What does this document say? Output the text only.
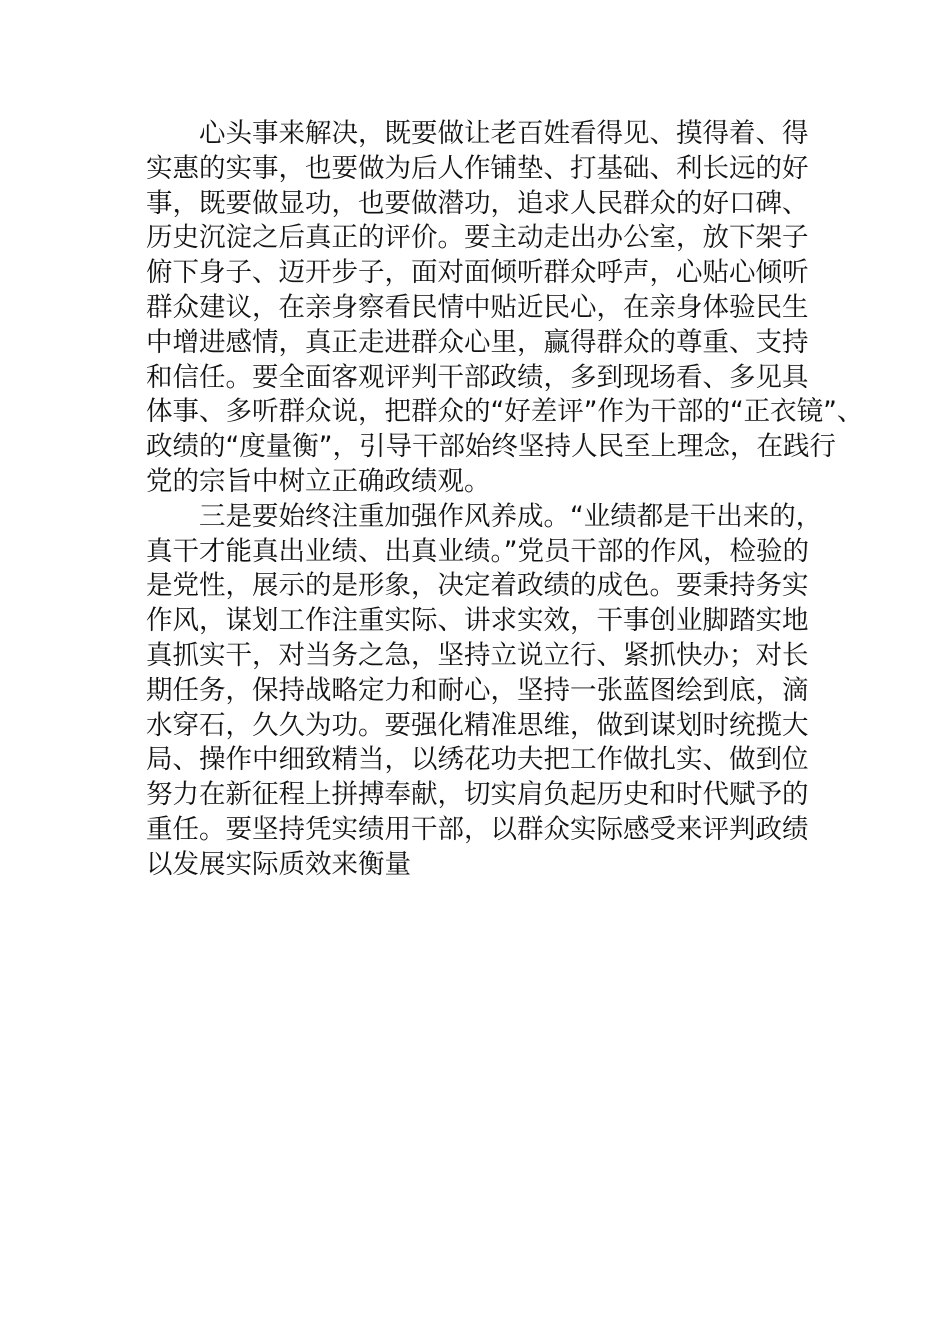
心头事来解决，既要做让老百姓看得见、摸得着、得
实惠的实事，也要做为后人作铺垫、打基础、利长远的好
事，既要做显功，也要做潜功，追求人民群众的好口碑、
历史沉淀之后真正的评价。要主动走出办公室，放下架子
俯下身子、迈开步子，面对面倾听群众呼声，心贴心倾听
群众建议，在亲身察看民情中贴近民心，在亲身体验民生
中增进感情，真正走进群众心里，赢得群众的尊重、支持
和信任。要全面客观评判干部政绩，多到现场看、多见具
体事、多听群众说，把群众的“好差评”作为干部的“正衣镜”、
政绩的“度量衡”，引导干部始终坚持人民至上理念，在践行
党的宗旨中树立正确政绩观。
三是要始终注重加强作风养成。“业绩都是干出来的，
真干才能真出业绩、出真业绩。”党员干部的作风，检验的
是党性，展示的是形象，决定着政绩的成色。要秉持务实
作风，谋划工作注重实际、讲求实效，干事创业脚踏实地
真抓实干，对当务之急，坚持立说立行、紧抓快办；对长
期任务，保持战略定力和耐心，坚持一张蓝图绘到底，滴
水穿石，久久为功。要强化精准思维，做到谋划时统揽大
局、操作中细致精当，以绣花功夫把工作做扎实、做到位
努力在新征程上拼搏奉献，切实肩负起历史和时代赋予的
重任。要坚持凭实绩用干部，以群众实际感受来评判政绩
以发展实际质效来衡量
